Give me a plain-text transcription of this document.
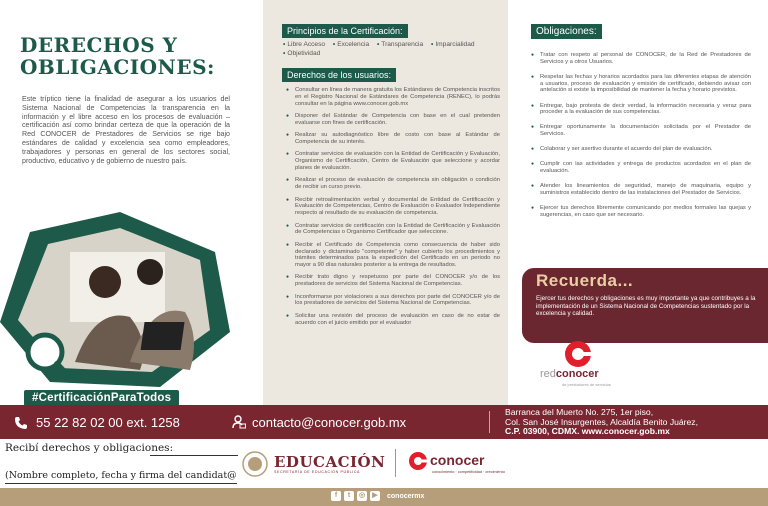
DERECHOS Y
OBLIGACIONES:

Este tríptico tiene la finalidad de asegurar a los usuarios del Sistema Nacional de Competencias la transparencia en la información y el libre acceso en los procesos de evaluación – certificación así como brindar certeza de que la operación de la Red CONOCER de Prestadores de Servicios se rige bajo estándares de calidad y excelencia sea como empleadores, trabajadores y personas en general de los sectores social, productivo, educativo y de gobierno de nuestro país.

#CertificaciónParaTodos
Principios de la Certificación:
• Libre Acceso • Excelencia • Transparencia • Imparcialidad • Objetividad
Derechos de los usuarios:
● Consultar en línea de manera gratuita los Estándares de Competencia inscritos en el Registro Nacional de Estándares de Competencia (RENEC), lo podrás consultar en la página www.conocer.gob.mx
● Disponer del Estándar de Competencia con base en el cual pretenden evaluarse con fines de certificación.
● Realizar su autodiagnóstico libre de costo con base al Estándar de Competencia de su interés.
● Contratar servicios de evaluación con la Entidad de Certificación y Evaluación, Organismo de Certificación, Centro de Evaluación que seleccione y acordar planes de evaluación.
● Realizar el proceso de evaluación de competencia sin obligación o condición de recibir un curso previo.
● Recibir retroalimentación verbal y documental de Entidad de Certificación y Evaluación de Competencias, Centro de Evaluación o Evaluador Independiente respecto al resultado de su evaluación de competencia.
● Contratar servicios de certificación con la Entidad de Certificación y Evaluación de Competencias o Organismo Certificador que seleccione.
● Recibir el Certificado de Competencia como consecuencia de haber sido declarado y dictaminado "competente" y haber cubierto los procedimientos y trámites determinados para la expedición del Certificado en un periodo no mayor a 90 días naturales posterior a la entrega de resultados.
● Recibir trato digno y respetuoso por parte del CONOCER y/o de los prestadores de servicios del Sistema Nacional de Competencias.
● Inconformarse por violaciones a sus derechos por parte del CONOCER y/o de los prestadores de servicios del Sistema Nacional de Competencias.
● Solicitar una revisión del proceso de evaluación en caso de no estar de acuerdo con el juicio emitido por el evaluador
Obligaciones:
● Tratar con respeto al personal de CONOCER, de la Red de Prestadores de Servicios y a otros Usuarios.
● Respetar las fechas y horarios acordados para las diferentes etapas de atención a usuarios, proceso de evaluación y emisión de certificado, debiendo avisar con antelación si existe la imposibilidad de mantener la fecha y horario previstos.
● Entregar, bajo protesta de decir verdad, la información necesaria y veraz para proceder a la evaluación de sus competencias.
● Entregar oportunamente la documentación solicitada por el Prestador de Servicios.
● Colaborar y ser asertivo durante el acuerdo del plan de evaluación.
● Cumplir con las actividades y entrega de productos acordados en el plan de evaluación.
● Atender los lineamientos de seguridad, manejo de maquinaria, equipo y suministros establecido dentro de las instalaciones del Prestador de Servicios.
● Ejercer tus derechos libremente comunicando por medios formales las quejas y sugerencias, en caso que ser necesario.
Recuerda...

Ejercer tus derechos y obligaciones es muy importante ya que contribuyes a la implementación de un Sistema Nacional de Competencias sustentado por la excelencia y calidad.

redconocer
de prestadores de servicios
55 22 82 02 00 ext. 1258	contacto@conocer.gob.mx
Barranca del Muerto No. 275, 1er piso,
Col. San José Insurgentes, Alcaldía Benito Juárez,
C.P. 03900, CDMX. www.conocer.gob.mx
Recibí derechos y obligaciones:
(Nombre completo, fecha y firma del candidat@
EDUCACIÓN
SECRETARÍA DE EDUCACIÓN PÚBLICA
conocer
conocimiento · competitividad · crecimiento
f	t	◎	▶	conocermx
